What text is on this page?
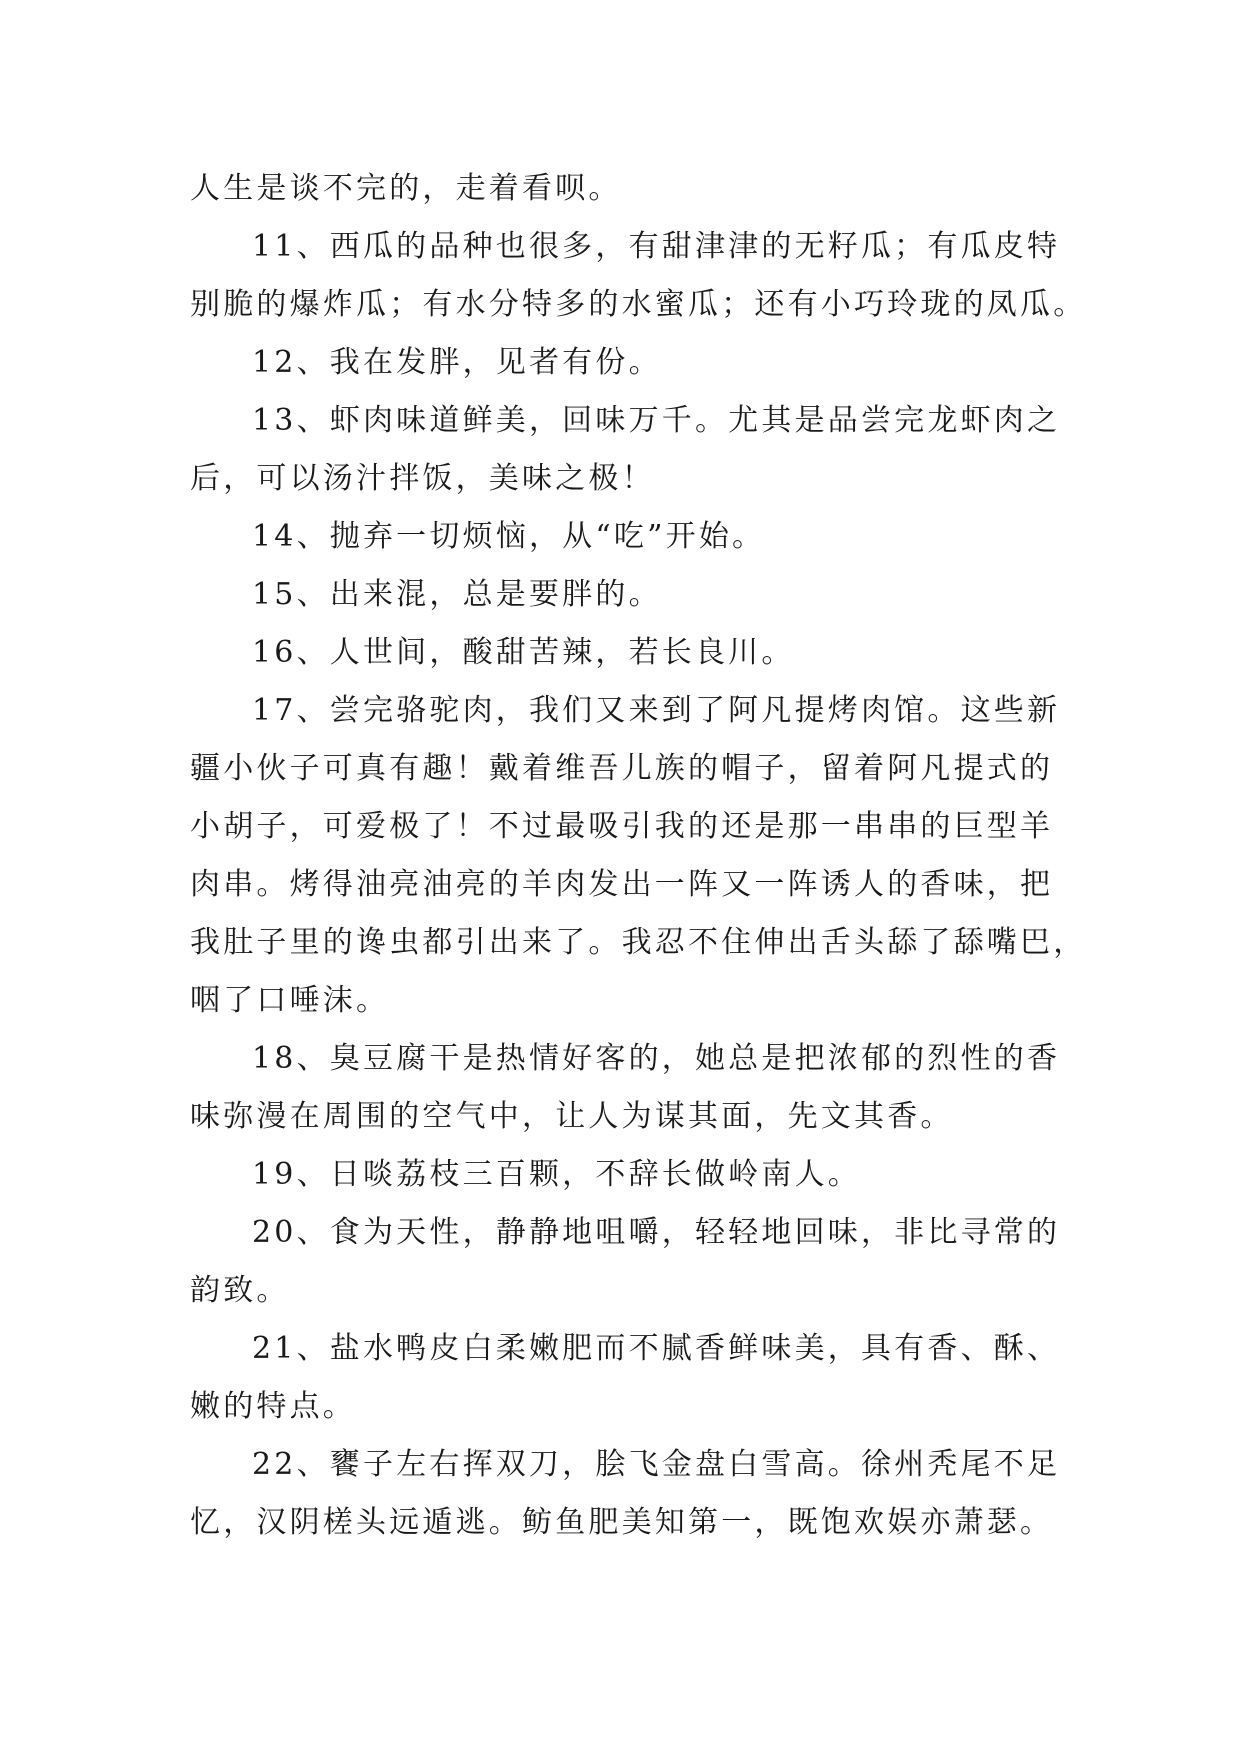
人生是谈不完的，走着看呗。
11、西瓜的品种也很多，有甜津津的无籽瓜；有瓜皮特
别脆的爆炸瓜；有水分特多的水蜜瓜；还有小巧玲珑的凤瓜。
12、我在发胖，见者有份。
13、虾肉味道鲜美，回味万千。尤其是品尝完龙虾肉之
后，可以汤汁拌饭，美味之极！
14、抛弃一切烦恼，从“吃”开始。
15、出来混，总是要胖的。
16、人世间，酸甜苦辣，若长良川。
17、尝完骆驼肉，我们又来到了阿凡提烤肉馆。这些新
疆小伙子可真有趣！戴着维吾儿族的帽子，留着阿凡提式的
小胡子，可爱极了！不过最吸引我的还是那一串串的巨型羊
肉串。烤得油亮油亮的羊肉发出一阵又一阵诱人的香味，把
我肚子里的谗虫都引出来了。我忍不住伸出舌头舔了舔嘴巴，
咽了口唾沫。
18、臭豆腐干是热情好客的，她总是把浓郁的烈性的香
味弥漫在周围的空气中，让人为谋其面，先文其香。
19、日啖荔枝三百颗，不辞长做岭南人。
20、食为天性，静静地咀嚼，轻轻地回味，非比寻常的
韵致。
21、盐水鸭皮白柔嫩肥而不腻香鲜味美，具有香、酥、
嫩的特点。
22、饔子左右挥双刀，脍飞金盘白雪高。徐州秃尾不足
忆，汉阴槎头远遁逃。鲂鱼肥美知第一，既饱欢娱亦萧瑟。
